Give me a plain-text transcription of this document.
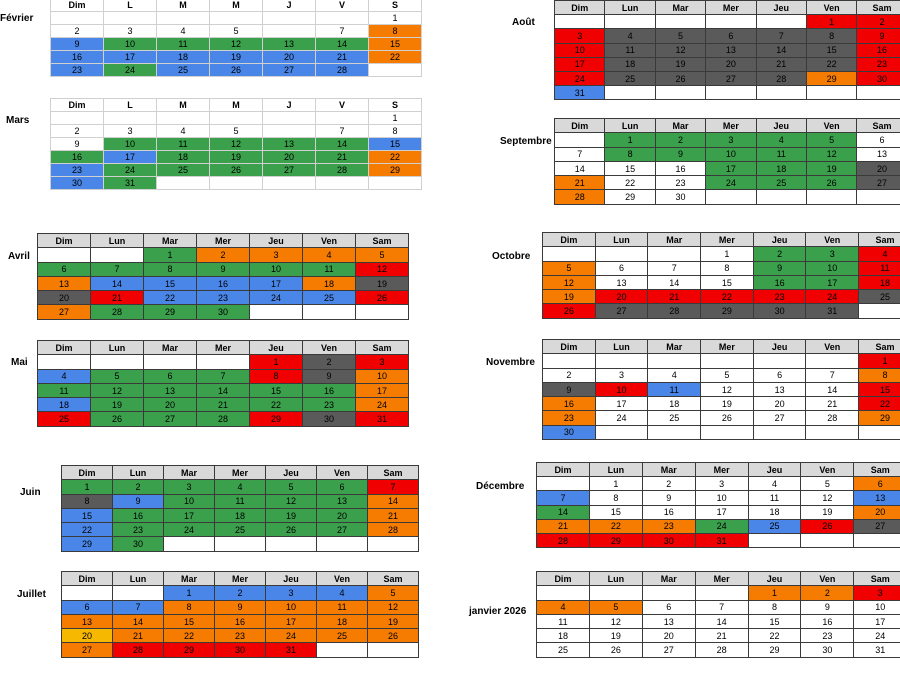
Février
Dim	L	M	M	J	V	S
						1
2	3	4	5		7	8
9	10	11	12	13	14	15
16	17	18	19	20	21	22
23	24	25	26	27	28	
Mars
Dim	L	M	M	J	V	S
						1
2	3	4	5		7	8
9	10	11	12	13	14	15
16	17	18	19	20	21	22
23	24	25	26	27	28	29
30	31					
Avril
Dim	Lun	Mar	Mer	Jeu	Ven	Sam
		1	2	3	4	5
6	7	8	9	10	11	12
13	14	15	16	17	18	19
20	21	22	23	24	25	26
27	28	29	30			
Mai
Dim	Lun	Mar	Mer	Jeu	Ven	Sam
				1	2	3
4	5	6	7	8	9	10
11	12	13	14	15	16	17
18	19	20	21	22	23	24
25	26	27	28	29	30	31
Juin
Dim	Lun	Mar	Mer	Jeu	Ven	Sam
1	2	3	4	5	6	7
8	9	10	11	12	13	14
15	16	17	18	19	20	21
22	23	24	25	26	27	28
29	30					
Juillet
Dim	Lun	Mar	Mer	Jeu	Ven	Sam
		1	2	3	4	5
6	7	8	9	10	11	12
13	14	15	16	17	18	19
20	21	22	23	24	25	26
27	28	29	30	31		
Août
Dim	Lun	Mar	Mer	Jeu	Ven	Sam
					1	2
3	4	5	6	7	8	9
10	11	12	13	14	15	16
17	18	19	20	21	22	23
24	25	26	27	28	29	30
31						
Septembre
Dim	Lun	Mar	Mer	Jeu	Ven	Sam
	1	2	3	4	5	6
7	8	9	10	11	12	13
14	15	16	17	18	19	20
21	22	23	24	25	26	27
28	29	30				
Octobre
Dim	Lun	Mar	Mer	Jeu	Ven	Sam
			1	2	3	4
5	6	7	8	9	10	11
12	13	14	15	16	17	18
19	20	21	22	23	24	25
26	27	28	29	30	31	
Novembre
Dim	Lun	Mar	Mer	Jeu	Ven	Sam
						1
2	3	4	5	6	7	8
9	10	11	12	13	14	15
16	17	18	19	20	21	22
23	24	25	26	27	28	29
30						
Décembre
Dim	Lun	Mar	Mer	Jeu	Ven	Sam
	1	2	3	4	5	6
7	8	9	10	11	12	13
14	15	16	17	18	19	20
21	22	23	24	25	26	27
28	29	30	31			
janvier 2026
Dim	Lun	Mar	Mer	Jeu	Ven	Sam
				1	2	3
4	5	6	7	8	9	10
11	12	13	14	15	16	17
18	19	20	21	22	23	24
25	26	27	28	29	30	31
